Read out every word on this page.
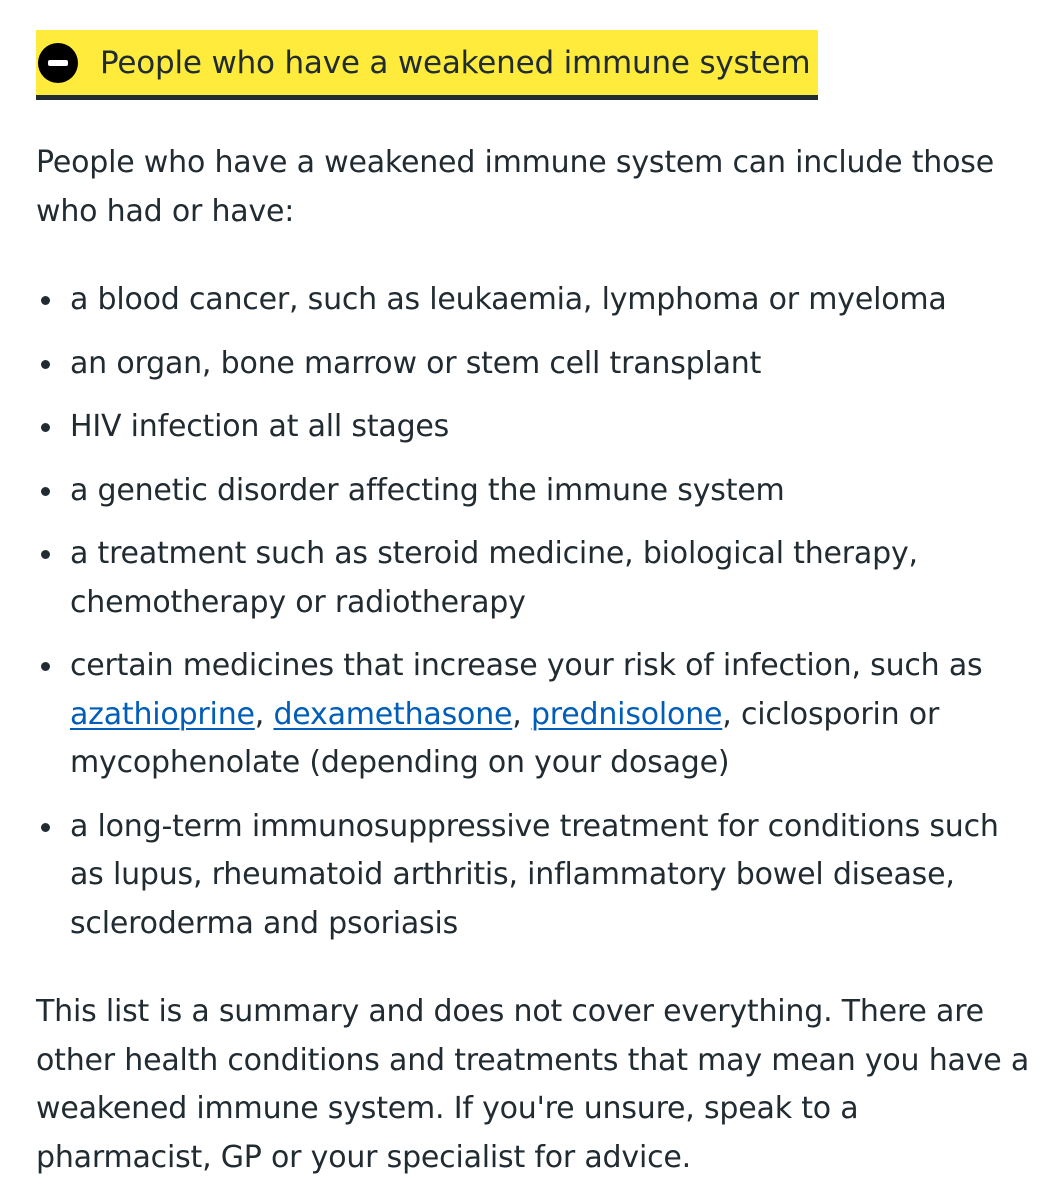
People who have a weakened immune system

People who have a weakened immune system can include those who had or have:

a blood cancer, such as leukaemia, lymphoma or myeloma
an organ, bone marrow or stem cell transplant
HIV infection at all stages
a genetic disorder affecting the immune system
a treatment such as steroid medicine, biological therapy, chemotherapy or radiotherapy
certain medicines that increase your risk of infection, such as azathioprine, dexamethasone, prednisolone, ciclosporin or mycophenolate (depending on your dosage)
a long-term immunosuppressive treatment for conditions such as lupus, rheumatoid arthritis, inflammatory bowel disease, scleroderma and psoriasis

This list is a summary and does not cover everything. There are other health conditions and treatments that may mean you have a weakened immune system. If you're unsure, speak to a pharmacist, GP or your specialist for advice.
